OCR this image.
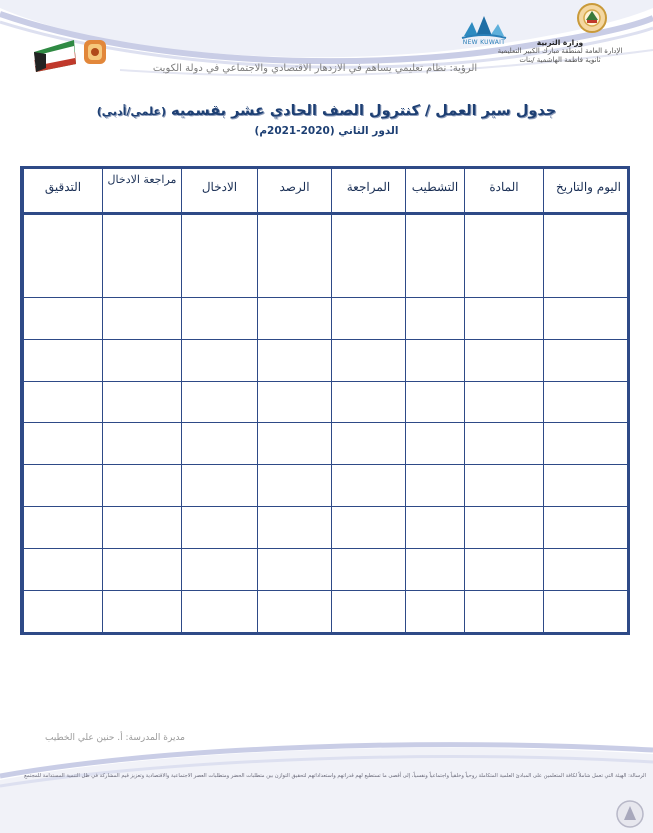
وزارة التربية
الإدارة العامة لمنطقة مبارك الكبير التعليمية
ثانوية فاطمة الهاشمية /بنات
NEW KUWAIT
الرؤية: نظام تعليمي يساهم في الازدهار الاقتصادي والاجتماعي في دولة الكويت
جدول سير العمل / كنترول الصف الحادي عشر بقسميه (علمي/أدبي)
الدور الثاني (2020-2021م)
اليوم والتاريخ	المادة	التشطيب	المراجعة	الرصد	الادخال	مراجعة الادخال	التدقيق

مديرة المدرسة: أ. حنين علي الخطيب
الرسالة: الهيئة التي تعمل شاملاً لكافة المتعلمين على المبادئ العلمية المتكاملة روحياً وخلقياً واجتماعياً ونفسياً، إلى أقصى ما تستطيع لهم قدراتهم واستعداداتهم لتحقيق التوازن بين متطلبات الحضر ومتطلبات العصر الاجتماعية والاقتصادية وتعزيز قيم المشاركة في ظل التنمية المستدامة للمجتمع
